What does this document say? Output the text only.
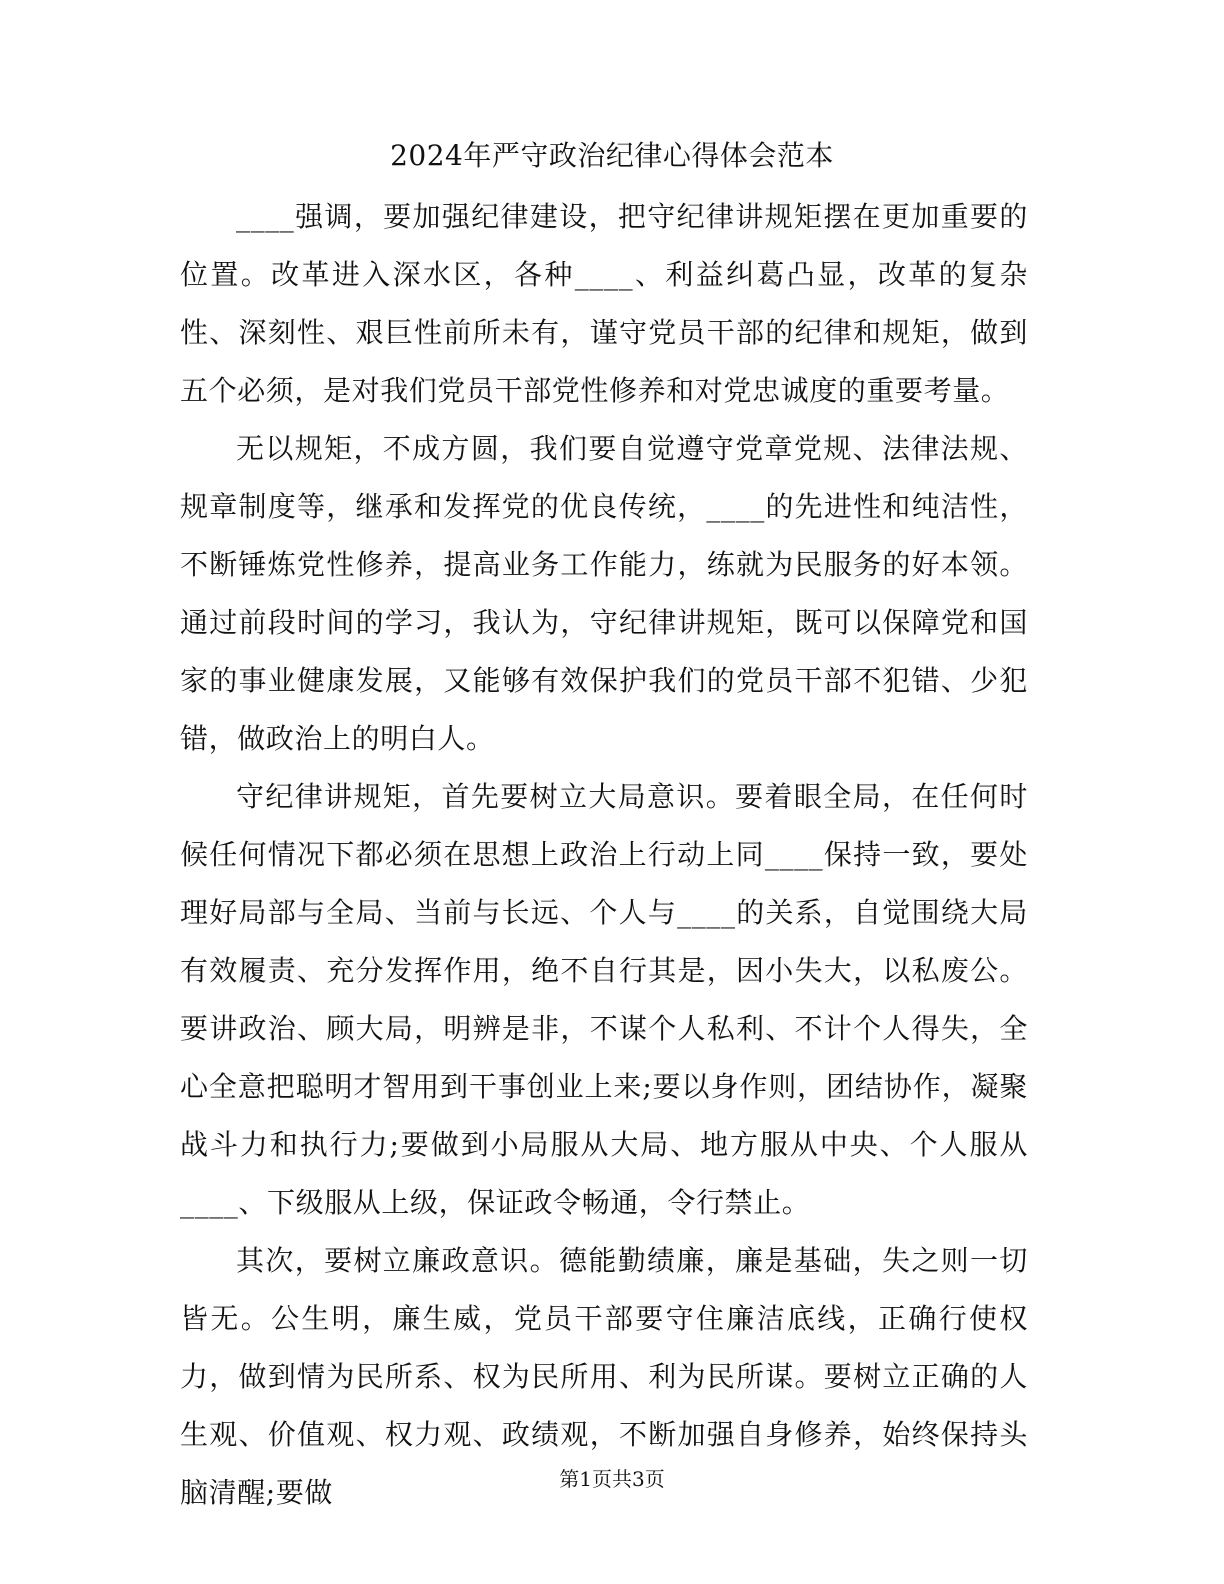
2024年严守政治纪律心得体会范本

____强调，要加强纪律建设，把守纪律讲规矩摆在更加重要的位置。改革进入深水区，各种____、利益纠葛凸显，改革的复杂性、深刻性、艰巨性前所未有，谨守党员干部的纪律和规矩，做到五个必须，是对我们党员干部党性修养和对党忠诚度的重要考量。

无以规矩，不成方圆，我们要自觉遵守党章党规、法律法规、规章制度等，继承和发挥党的优良传统，____的先进性和纯洁性，不断锤炼党性修养，提高业务工作能力，练就为民服务的好本领。通过前段时间的学习，我认为，守纪律讲规矩，既可以保障党和国家的事业健康发展，又能够有效保护我们的党员干部不犯错、少犯错，做政治上的明白人。

守纪律讲规矩，首先要树立大局意识。要着眼全局，在任何时候任何情况下都必须在思想上政治上行动上同____保持一致，要处理好局部与全局、当前与长远、个人与____的关系，自觉围绕大局有效履责、充分发挥作用，绝不自行其是，因小失大，以私废公。要讲政治、顾大局，明辨是非，不谋个人私利、不计个人得失，全心全意把聪明才智用到干事创业上来;要以身作则，团结协作，凝聚战斗力和执行力;要做到小局服从大局、地方服从中央、个人服从____、下级服从上级，保证政令畅通，令行禁止。

其次，要树立廉政意识。德能勤绩廉，廉是基础，失之则一切皆无。公生明，廉生威，党员干部要守住廉洁底线，正确行使权力，做到情为民所系、权为民所用、利为民所谋。要树立正确的人生观、价值观、权力观、政绩观，不断加强自身修养，始终保持头脑清醒;要做	第1页共3页
